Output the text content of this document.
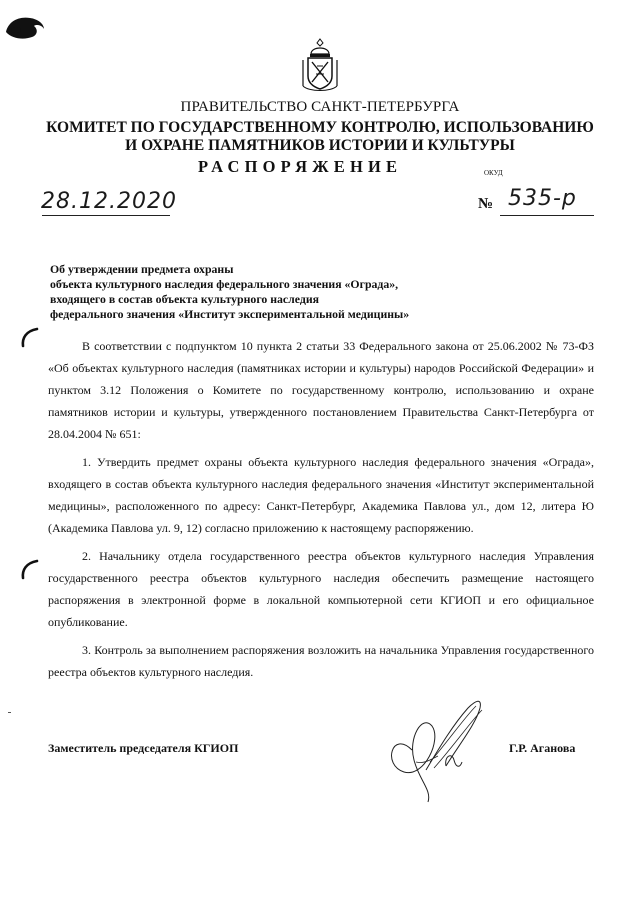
ПРАВИТЕЛЬСТВО САНКТ-ПЕТЕРБУРГА
КОМИТЕТ ПО ГОСУДАРСТВЕННОМУ КОНТРОЛЮ, ИСПОЛЬЗОВАНИЮ
И ОХРАНЕ ПАМЯТНИКОВ ИСТОРИИ И КУЛЬТУРЫ
РАСПОРЯЖЕНИЕ	ОКУД
28.12.2020	№ 535-р
Об утверждении предмета охраны
объекта культурного наследия федерального значения «Ограда»,
входящего в состав объекта культурного наследия
федерального значения «Институт экспериментальной медицины»

В соответствии с подпунктом 10 пункта 2 статьи 33 Федерального закона от 25.06.2002 № 73-ФЗ «Об объектах культурного наследия (памятниках истории и культуры) народов Российской Федерации» и пунктом 3.12 Положения о Комитете по государственному контролю, использованию и охране памятников истории и культуры, утвержденного постановлением Правительства Санкт-Петербурга от 28.04.2004 № 651:

1. Утвердить предмет охраны объекта культурного наследия федерального значения «Ограда», входящего в состав объекта культурного наследия федерального значения «Институт экспериментальной медицины», расположенного по адресу: Санкт-Петербург, Академика Павлова ул., дом 12, литера Ю (Академика Павлова ул. 9, 12) согласно приложению к настоящему распоряжению.

2. Начальнику отдела государственного реестра объектов культурного наследия Управления государственного реестра объектов культурного наследия обеспечить размещение настоящего распоряжения в электронной форме в локальной компьютерной сети КГИОП и его официальное опубликование.

3. Контроль за выполнением распоряжения возложить на начальника Управления государственного реестра объектов культурного наследия.

Заместитель председателя КГИОП	Г.Р. Аганова
